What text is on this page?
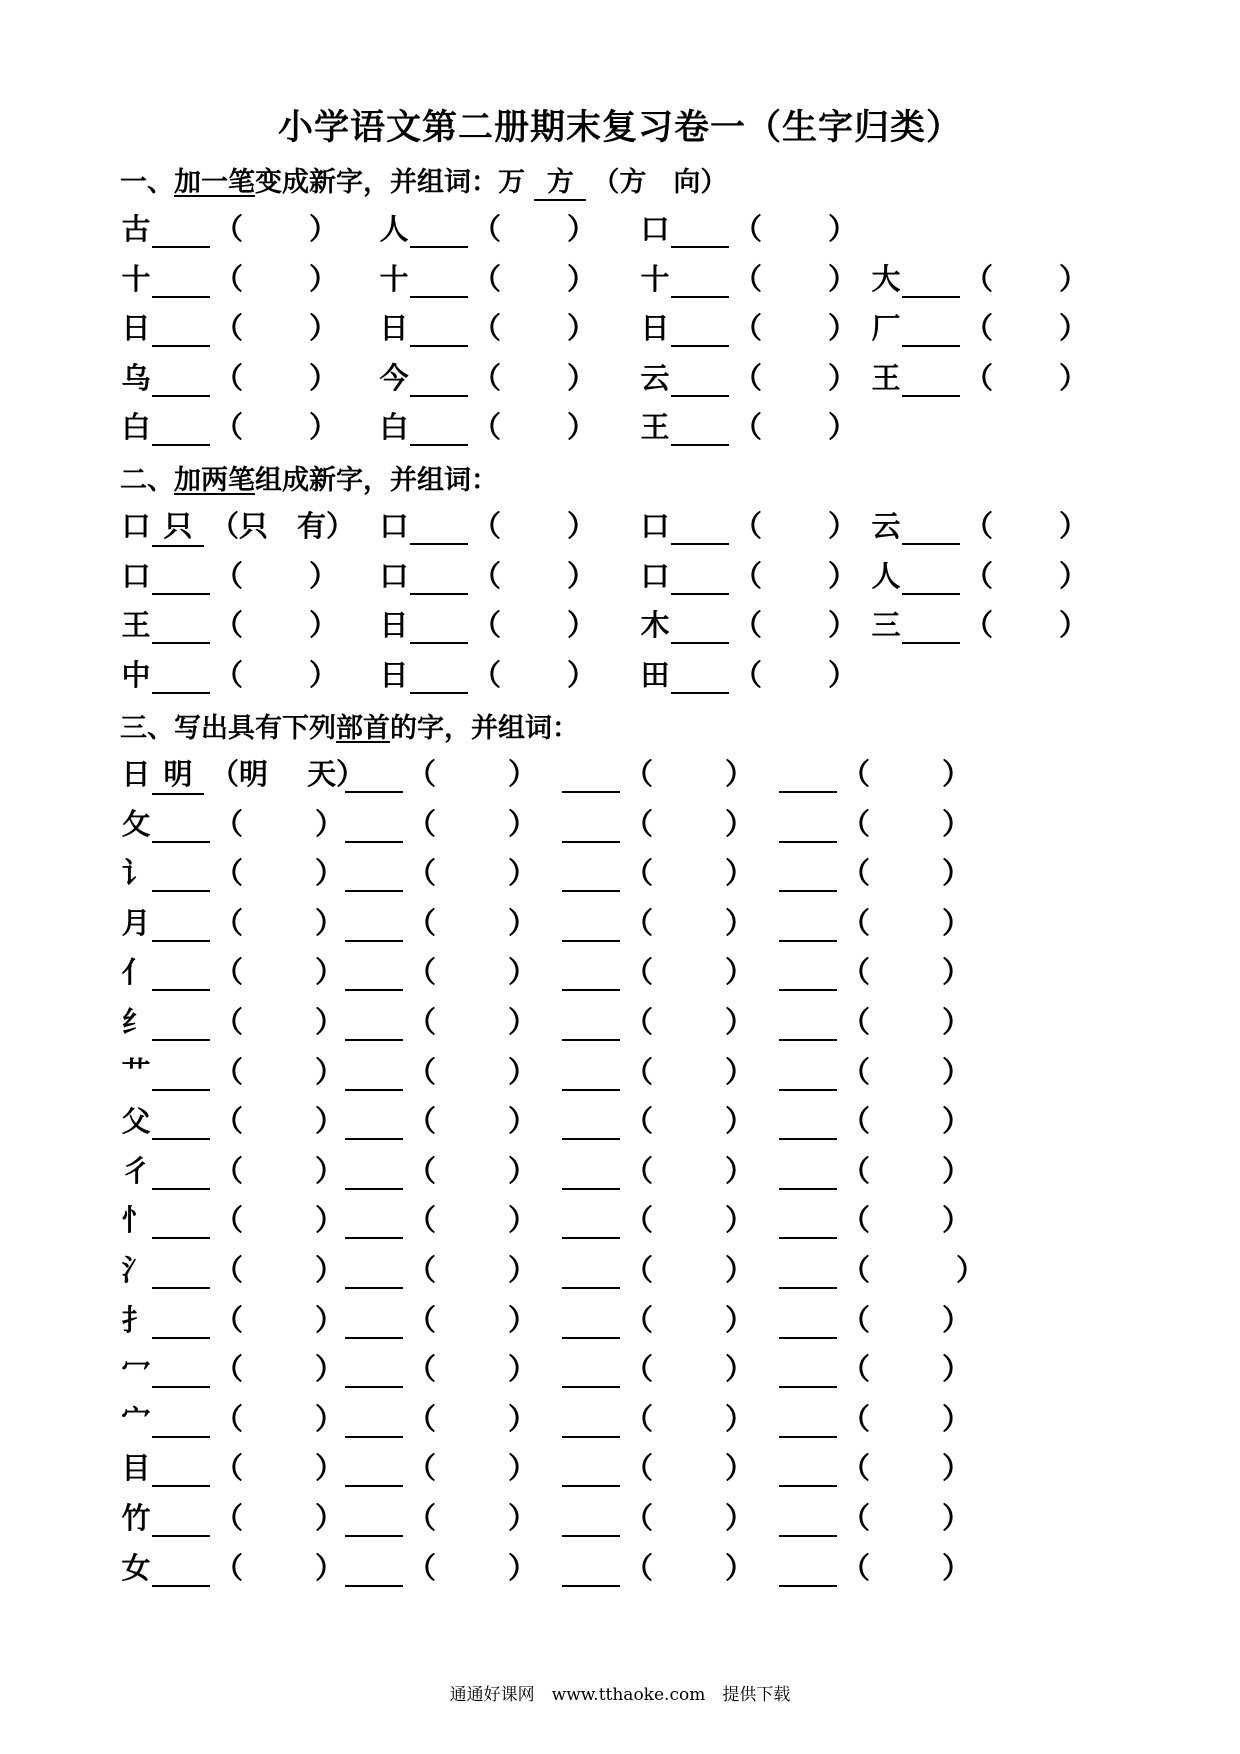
小学语文第二册期末复习卷一（生字归类）
一、加一笔变成新字，并组词：万 方 （方　向）
古 （ ） 人 （ ） 口 （ ）
十 （ ） 十 （ ） 十 （ ） 大 （ ）
日 （ ） 日 （ ） 日 （ ） 厂 （ ）
乌 （ ） 今 （ ） 云 （ ） 王 （ ）
白 （ ） 白 （ ） 王 （ ）
二、加两笔组成新字，并组词：
口 只 （只　有） 口 （ ） 口 （ ） 云 （ ）
口 （ ） 口 （ ） 口 （ ） 人 （ ）
王 （ ） 日 （ ） 木 （ ） 三 （ ）
中 （ ） 日 （ ） 田 （ ）
三、写出具有下列部首的字，并组词：
日 明 （明　 天）	（ ）	（ ）	（ ）
攵 （ ）	（ ）	（ ）	（ ）
讠 （ ）	（ ）	（ ）	（ ）
月 （ ）	（ ）	（ ）	（ ）
亻 （ ）	（ ）	（ ）	（ ）
纟 （ ）	（ ）	（ ）	（ ）
艹 （ ）	（ ）	（ ）	（ ）
父 （ ）	（ ）	（ ）	（ ）
彳 （ ）	（ ）	（ ）	（ ）
忄 （ ）	（ ）	（ ）	（ ）
氵 （ ）	（ ）	（ ）	（	）
扌 （ ）	（ ）	（ ）	（ ）
冖 （ ）	（ ）	（ ）	（ ）
宀 （ ）	（ ）	（ ）	（ ）
目 （ ）	（ ）	（ ）	（ ）
竹 （ ）	（ ）	（ ）	（ ）
女 （ ）	（ ）	（ ）	（ ）
通通好课网　www.tthaoke.com　提供下载
